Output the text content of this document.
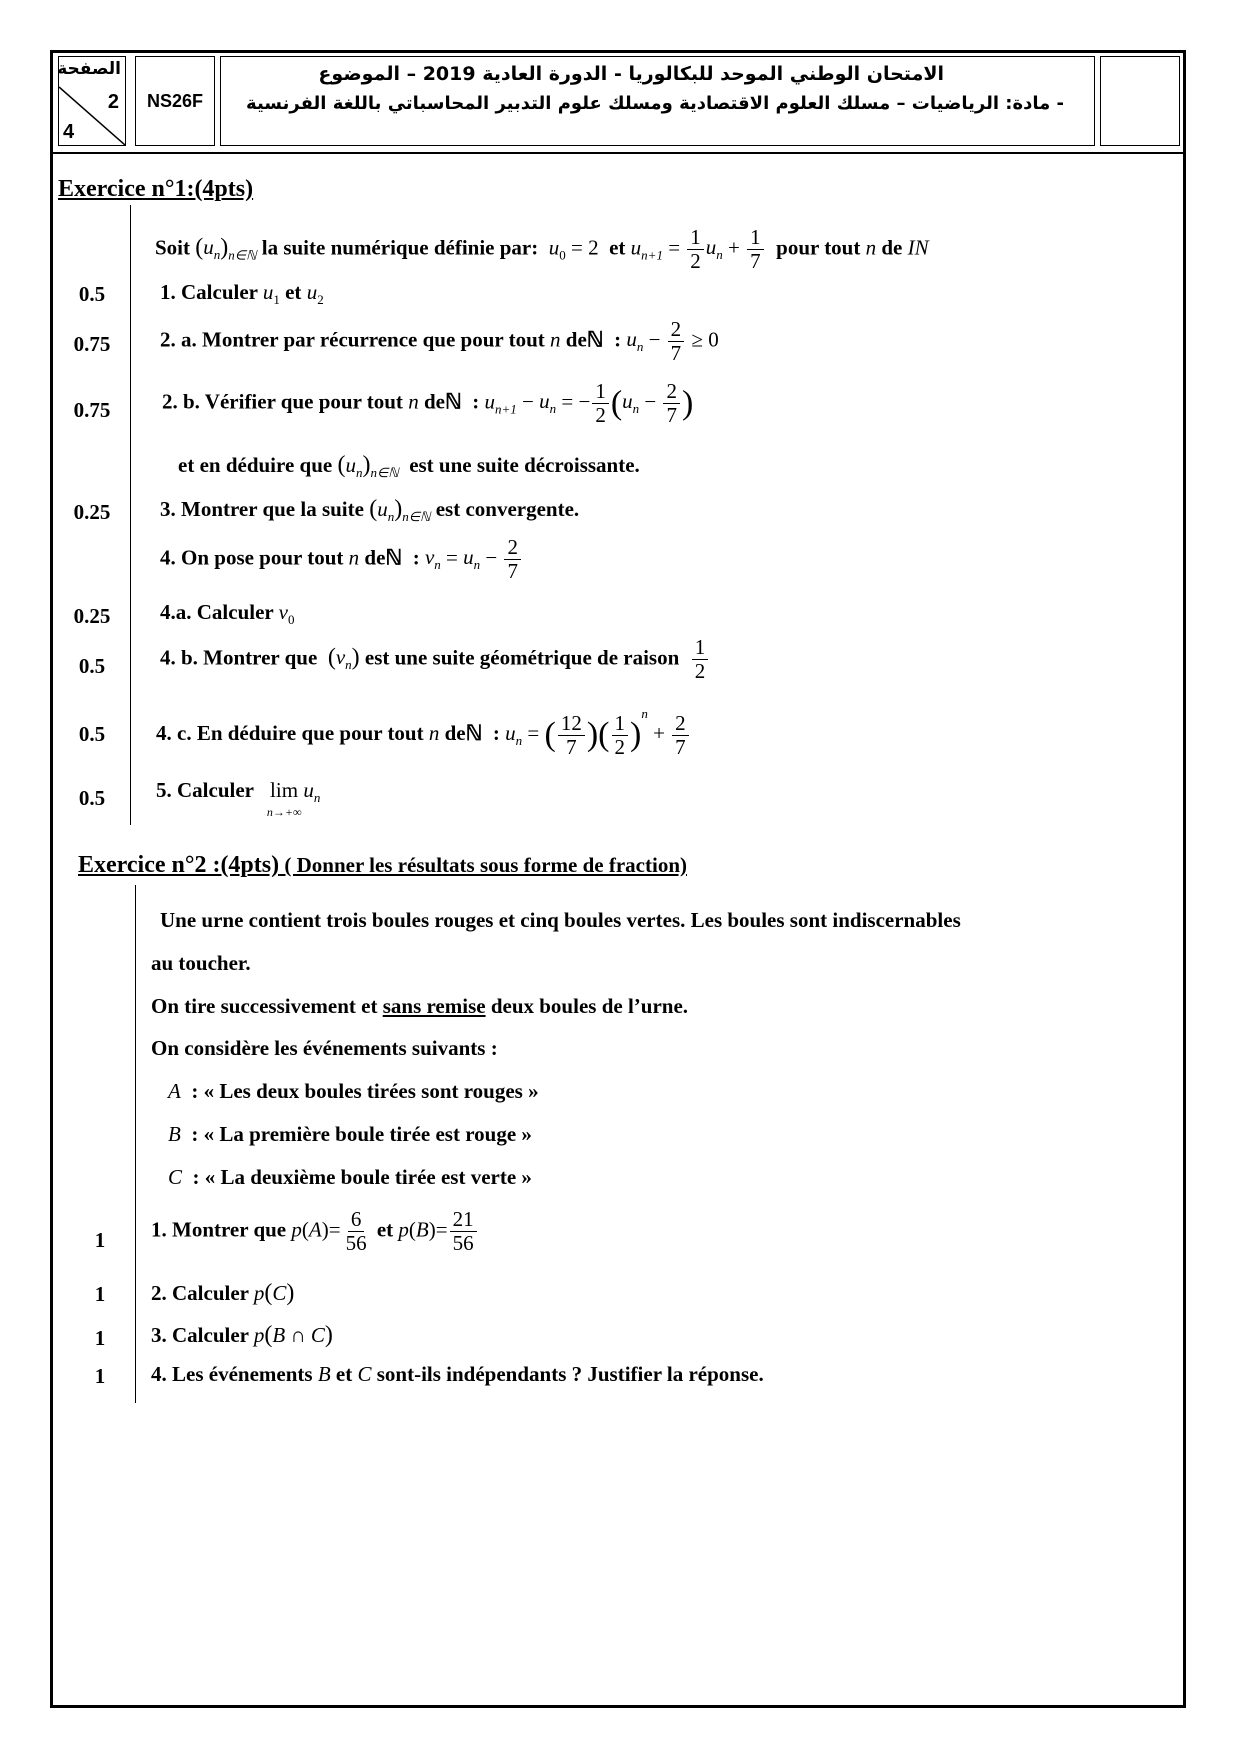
الصفحة
2
4
NS26F
الامتحان الوطني الموحد للبكالوريا - الدورة العادية 2019 – الموضوع
- مادة: الرياضيات – مسلك العلوم الاقتصادية ومسلك علوم التدبير المحاسباتي باللغة الفرنسية
Exercice n°1:(4pts)
Soit $(u_n)_{n\in ℕ}$ la suite numérique définie par: $u_0 = 2$ et $u_{n+1} = \frac{1}{2} u_n + \frac{1}{7}$ pour tout n de IN
0.5	1. Calculer $u_1$ et $u_2$
0.75	2. a. Montrer par récurrence que pour tout n deℕ  : $u_n - \frac{2}{7} \ge 0$
0.75	2. b. Vérifier que pour tout n deℕ  : $u_{n+1} - u_n$ = − $\frac{1}{2} (u_n - \frac{2}{7}$ )
et en déduire que $(u_n)_{n\in ℕ}$ est une suite décroissante.
0.25	3. Montrer que la suite $(u_n)_{n\in ℕ}$ est convergente.
4. On pose pour tout n deℕ  : $v_n = u_n - \frac{2}{7}$
0.25	4.a. Calculer $v_0$
0.5	4. b. Montrer que $(v_n)$ est une suite géométrique de raison $\frac{1}{2}$
0.5	4. c. En déduire que pour tout n deℕ  : $u_n$ = ( $\frac{12}{7}$ )( $\frac{1}{2} )^n + \frac{2}{7}$
0.5	5. Calculer $\lim u_n$
n→+∞
Exercice n°2 :(4pts) ( Donner les résultats sous forme de fraction)
Une urne contient trois boules rouges et cinq boules vertes. Les boules sont indiscernables
au toucher.
On tire successivement et sans remise deux boules de l’urne.
On considère les événements suivants :
A : « Les deux boules tirées sont rouges »
B : « La première boule tirée est rouge »
C : « La deuxième boule tirée est verte »
1	1. Montrer que $p(A)= \frac{6}{56}$ et $p(B)= \frac{21}{56}$
1	2. Calculer p(C)
1	3. Calculer p(B ∩ C)
1	4. Les événements B et C sont-ils indépendants ? Justifier la réponse.
